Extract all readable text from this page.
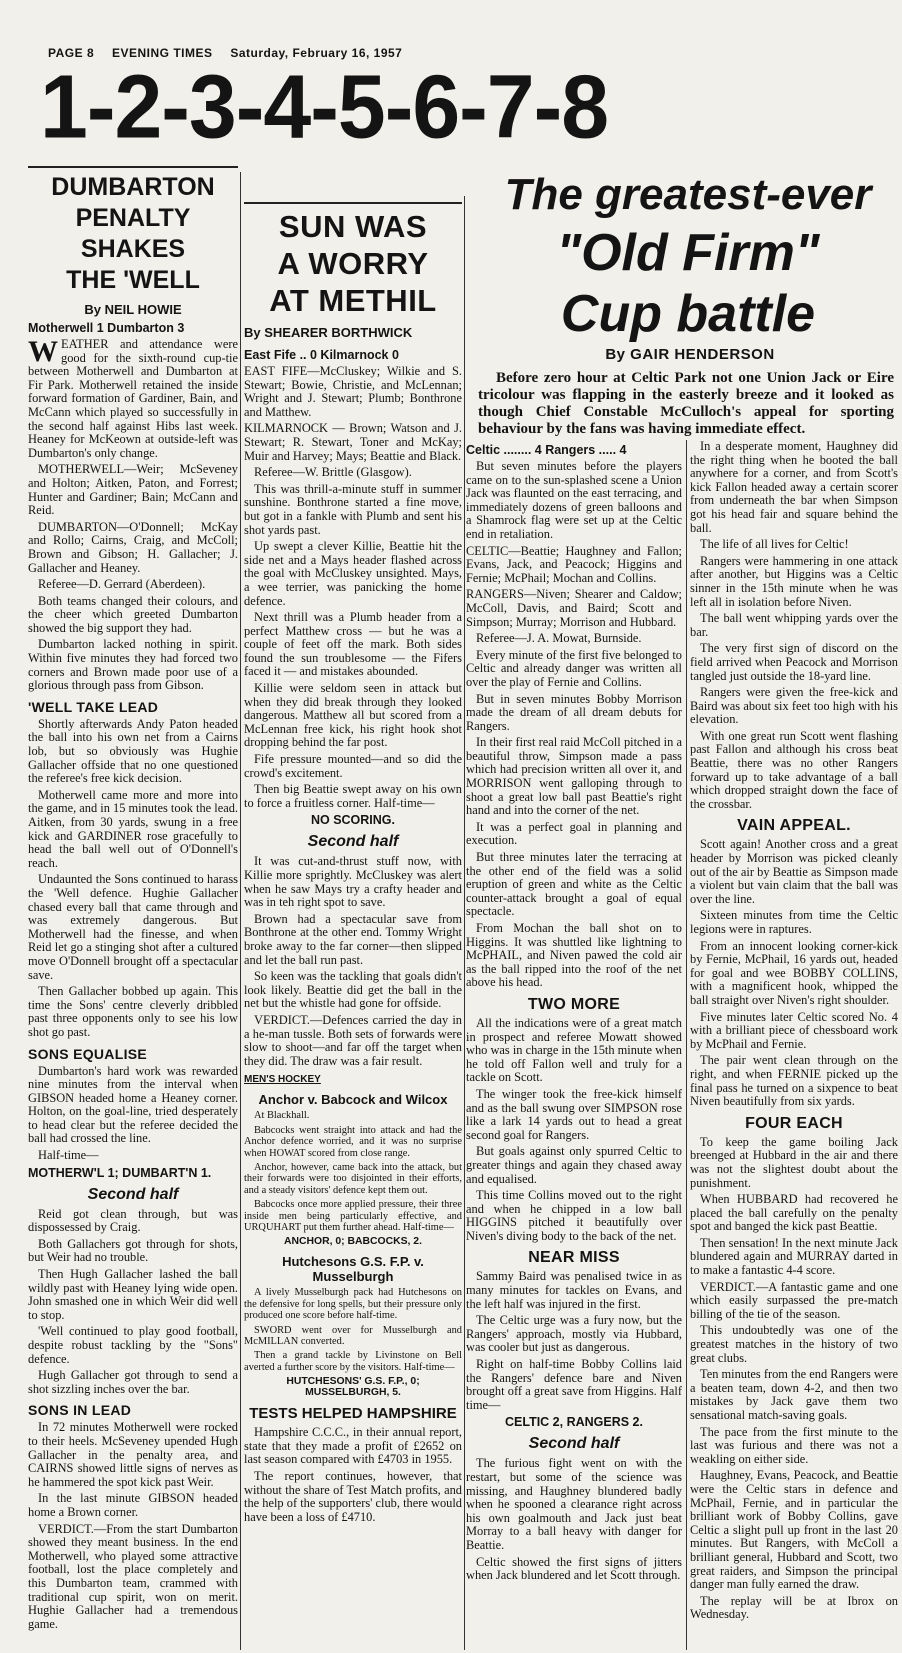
PAGE 8 EVENING TIMES Saturday, February 16, 1957
1-2-3-4-5-6-7-8
The greatest-ever
"Old Firm"
Cup battle
By GAIR HENDERSON

Before zero hour at Celtic Park not one Union Jack or Eire tricolour was flapping in the easterly breeze and it looked as though Chief Constable McCulloch's appeal for sporting behaviour by the fans was having immediate effect.

DUMBARTON
PENALTY
SHAKES
THE 'WELL
By NEIL HOWIE
Motherwell 1 Dumbarton 3

WEATHER and attendance were good for the sixth-round cup-tie between Motherwell and Dumbarton at Fir Park. Motherwell retained the inside forward formation of Gardiner, Bain, and McCann which played so successfully in the second half against Hibs last week. Heaney for McKeown at outside-left was Dumbarton's only change.

MOTHERWELL—Weir; McSeveney and Holton; Aitken, Paton, and Forrest; Hunter and Gardiner; Bain; McCann and Reid.

DUMBARTON—O'Donnell; McKay and Rollo; Cairns, Craig, and McColl; Brown and Gibson; H. Gallacher; J. Gallacher and Heaney.

Referee—D. Gerrard (Aberdeen).

Both teams changed their colours, and the cheer which greeted Dumbarton showed the big support they had.

Dumbarton lacked nothing in spirit. Within five minutes they had forced two corners and Brown made poor use of a glorious through pass from Gibson.

'WELL TAKE LEAD

Shortly afterwards Andy Paton headed the ball into his own net from a Cairns lob, but so obviously was Hughie Gallacher offside that no one questioned the referee's free kick decision.

Motherwell came more and more into the game, and in 15 minutes took the lead. Aitken, from 30 yards, swung in a free kick and GARDINER rose gracefully to head the ball well out of O'Donnell's reach.

Undaunted the Sons continued to harass the 'Well defence. Hughie Gallacher chased every ball that came through and was extremely dangerous. But Motherwell had the finesse, and when Reid let go a stinging shot after a cultured move O'Donnell brought off a spectacular save.

Then Gallacher bobbed up again. This time the Sons' centre cleverly dribbled past three opponents only to see his low shot go past.

SONS EQUALISE

Dumbarton's hard work was rewarded nine minutes from the interval when GIBSON headed home a Heaney corner. Holton, on the goal-line, tried desperately to head clear but the referee decided the ball had crossed the line.

Half-time—

MOTHERW'L 1; DUMBART'N 1.
Second half

Reid got clean through, but was dispossessed by Craig.

Both Gallachers got through for shots, but Weir had no trouble.

Then Hugh Gallacher lashed the ball wildly past with Heaney lying wide open. John smashed one in which Weir did well to stop.

'Well continued to play good football, despite robust tackling by the "Sons" defence.

Hugh Gallacher got through to send a shot sizzling inches over the bar.

SONS IN LEAD

In 72 minutes Motherwell were rocked to their heels. McSeveney upended Hugh Gallacher in the penalty area, and CAIRNS showed little signs of nerves as he hammered the spot kick past Weir.

In the last minute GIBSON headed home a Brown corner.

VERDICT.—From the start Dumbarton showed they meant business. In the end Motherwell, who played some attractive football, lost the place completely and this Dumbarton team, crammed with traditional cup spirit, won on merit. Hughie Gallacher had a tremendous game.

SUN WAS
A WORRY
AT METHIL
By SHEARER BORTHWICK
East Fife .. 0 Kilmarnock 0

EAST FIFE—McCluskey; Wilkie and S. Stewart; Bowie, Christie, and McLennan; Wright and J. Stewart; Plumb; Bonthrone and Matthew.

KILMARNOCK — Brown; Watson and J. Stewart; R. Stewart, Toner and McKay; Muir and Harvey; Mays; Beattie and Black.

Referee—W. Brittle (Glasgow).

This was thrill-a-minute stuff in summer sunshine. Bonthrone started a fine move, but got in a fankle with Plumb and sent his shot yards past.

Up swept a clever Killie, Beattie hit the side net and a Mays header flashed across the goal with McCluskey unsighted. Mays, a wee terrier, was panicking the home defence.

Next thrill was a Plumb header from a perfect Matthew cross — but he was a couple of feet off the mark. Both sides found the sun troublesome — the Fifers faced it — and mistakes abounded.

Killie were seldom seen in attack but when they did break through they looked dangerous. Matthew all but scored from a McLennan free kick, his right hook shot dropping behind the far post.

Fife pressure mounted—and so did the crowd's excitement.

Then big Beattie swept away on his own to force a fruitless corner. Half-time—

NO SCORING.
Second half

It was cut-and-thrust stuff now, with Killie more sprightly. McCluskey was alert when he saw Mays try a crafty header and was in teh right spot to save.

Brown had a spectacular save from Bonthrone at the other end. Tommy Wright broke away to the far corner—then slipped and let the ball run past.

So keen was the tackling that goals didn't look likely. Beattie did get the ball in the net but the whistle had gone for offside.

VERDICT.—Defences carried the day in a he-man tussle. Both sets of forwards were slow to shoot—and far off the target when they did. The draw was a fair result.

MEN'S HOCKEY
Anchor v. Babcock and Wilcox

At Blackhall.

Babcocks went straight into attack and had the Anchor defence worried, and it was no surprise when HOWAT scored from close range.

Anchor, however, came back into the attack, but their forwards were too disjointed in their efforts, and a steady visitors' defence kept them out.

Babcocks once more applied pressure, their three inside men being particularly effective, and URQUHART put them further ahead. Half-time—

ANCHOR, 0; BABCOCKS, 2.
Hutchesons G.S. F.P. v. Musselburgh

A lively Musselburgh pack had Hutchesons on the defensive for long spells, but their pressure only produced one score before half-time.

SWORD went over for Musselburgh and McMILLAN converted.

Then a grand tackle by Livinstone on Bell averted a further score by the visitors. Half-time—

HUTCHESONS' G.S. F.P., 0; MUSSELBURGH, 5.
TESTS HELPED HAMPSHIRE

Hampshire C.C.C., in their annual report, state that they made a profit of £2652 on last season compared with £4703 in 1955.

The report continues, however, that without the share of Test Match profits, and the help of the supporters' club, there would have been a loss of £4710.

Celtic ........ 4 Rangers ..... 4

But seven minutes before the players came on to the sun-splashed scene a Union Jack was flaunted on the east terracing, and immediately dozens of green balloons and a Shamrock flag were set up at the Celtic end in retaliation.

CELTIC—Beattie; Haughney and Fallon; Evans, Jack, and Peacock; Higgins and Fernie; McPhail; Mochan and Collins.

RANGERS—Niven; Shearer and Caldow; McColl, Davis, and Baird; Scott and Simpson; Murray; Morrison and Hubbard.

Referee—J. A. Mowat, Burnside.

Every minute of the first five belonged to Celtic and already danger was written all over the play of Fernie and Collins.

But in seven minutes Bobby Morrison made the dream of all dream debuts for Rangers.

In their first real raid McColl pitched in a beautiful throw, Simpson made a pass which had precision written all over it, and MORRISON went galloping through to shoot a great low ball past Beattie's right hand and into the corner of the net.

It was a perfect goal in planning and execution.

But three minutes later the terracing at the other end of the field was a solid eruption of green and white as the Celtic counter-attack brought a goal of equal spectacle.

From Mochan the ball shot on to Higgins. It was shuttled like lightning to McPHAIL, and Niven pawed the cold air as the ball ripped into the roof of the net above his head.

TWO MORE

All the indications were of a great match in prospect and referee Mowatt showed who was in charge in the 15th minute when he told off Fallon well and truly for a tackle on Scott.

The winger took the free-kick himself and as the ball swung over SIMPSON rose like a lark 14 yards out to head a great second goal for Rangers.

But goals against only spurred Celtic to greater things and again they chased away and equalised.

This time Collins moved out to the right and when he chipped in a low ball HIGGINS pitched it beautifully over Niven's diving body to the back of the net.

NEAR MISS

Sammy Baird was penalised twice in as many minutes for tackles on Evans, and the left half was injured in the first.

The Celtic urge was a fury now, but the Rangers' approach, mostly via Hubbard, was cooler but just as dangerous.

Right on half-time Bobby Collins laid the Rangers' defence bare and Niven brought off a great save from Higgins. Half time—

CELTIC 2, RANGERS 2.
Second half

The furious fight went on with the restart, but some of the science was missing, and Haughney blundered badly when he spooned a clearance right across his own goalmouth and Jack just beat Morray to a ball heavy with danger for Beattie.

Celtic showed the first signs of jitters when Jack blundered and let Scott through.

In a desperate moment, Haughney did the right thing when he booted the ball anywhere for a corner, and from Scott's kick Fallon headed away a certain scorer from underneath the bar when Simpson got his head fair and square behind the ball.

The life of all lives for Celtic!

Rangers were hammering in one attack after another, but Higgins was a Celtic sinner in the 15th minute when he was left all in isolation before Niven.

The ball went whipping yards over the bar.

The very first sign of discord on the field arrived when Peacock and Morrison tangled just outside the 18-yard line.

Rangers were given the free-kick and Baird was about six feet too high with his elevation.

With one great run Scott went flashing past Fallon and although his cross beat Beattie, there was no other Rangers forward up to take advantage of a ball which dropped straight down the face of the crossbar.

VAIN APPEAL.

Scott again! Another cross and a great header by Morrison was picked cleanly out of the air by Beattie as Simpson made a violent but vain claim that the ball was over the line.

Sixteen minutes from time the Celtic legions were in raptures.

From an innocent looking corner-kick by Fernie, McPhail, 16 yards out, headed for goal and wee BOBBY COLLINS, with a magnificent hook, whipped the ball straight over Niven's right shoulder.

Five minutes later Celtic scored No. 4 with a brilliant piece of chessboard work by McPhail and Fernie.

The pair went clean through on the right, and when FERNIE picked up the final pass he turned on a sixpence to beat Niven beautifully from six yards.

FOUR EACH

To keep the game boiling Jack breenged at Hubbard in the air and there was not the slightest doubt about the punishment.

When HUBBARD had recovered he placed the ball carefully on the penalty spot and banged the kick past Beattie.

Then sensation! In the next minute Jack blundered again and MURRAY darted in to make a fantastic 4-4 score.

VERDICT.—A fantastic game and one which easily surpassed the pre-match billing of the tie of the season.

This undoubtedly was one of the greatest matches in the history of two great clubs.

Ten minutes from the end Rangers were a beaten team, down 4-2, and then two mistakes by Jack gave them two sensational match-saving goals.

The pace from the first minute to the last was furious and there was not a weakling on either side.

Haughney, Evans, Peacock, and Beattie were the Celtic stars in defence and McPhail, Fernie, and in particular the brilliant work of Bobby Collins, gave Celtic a slight pull up front in the last 20 minutes. But Rangers, with McColl a brilliant general, Hubbard and Scott, two great raiders, and Simpson the principal danger man fully earned the draw.

The replay will be at Ibrox on Wednesday.
